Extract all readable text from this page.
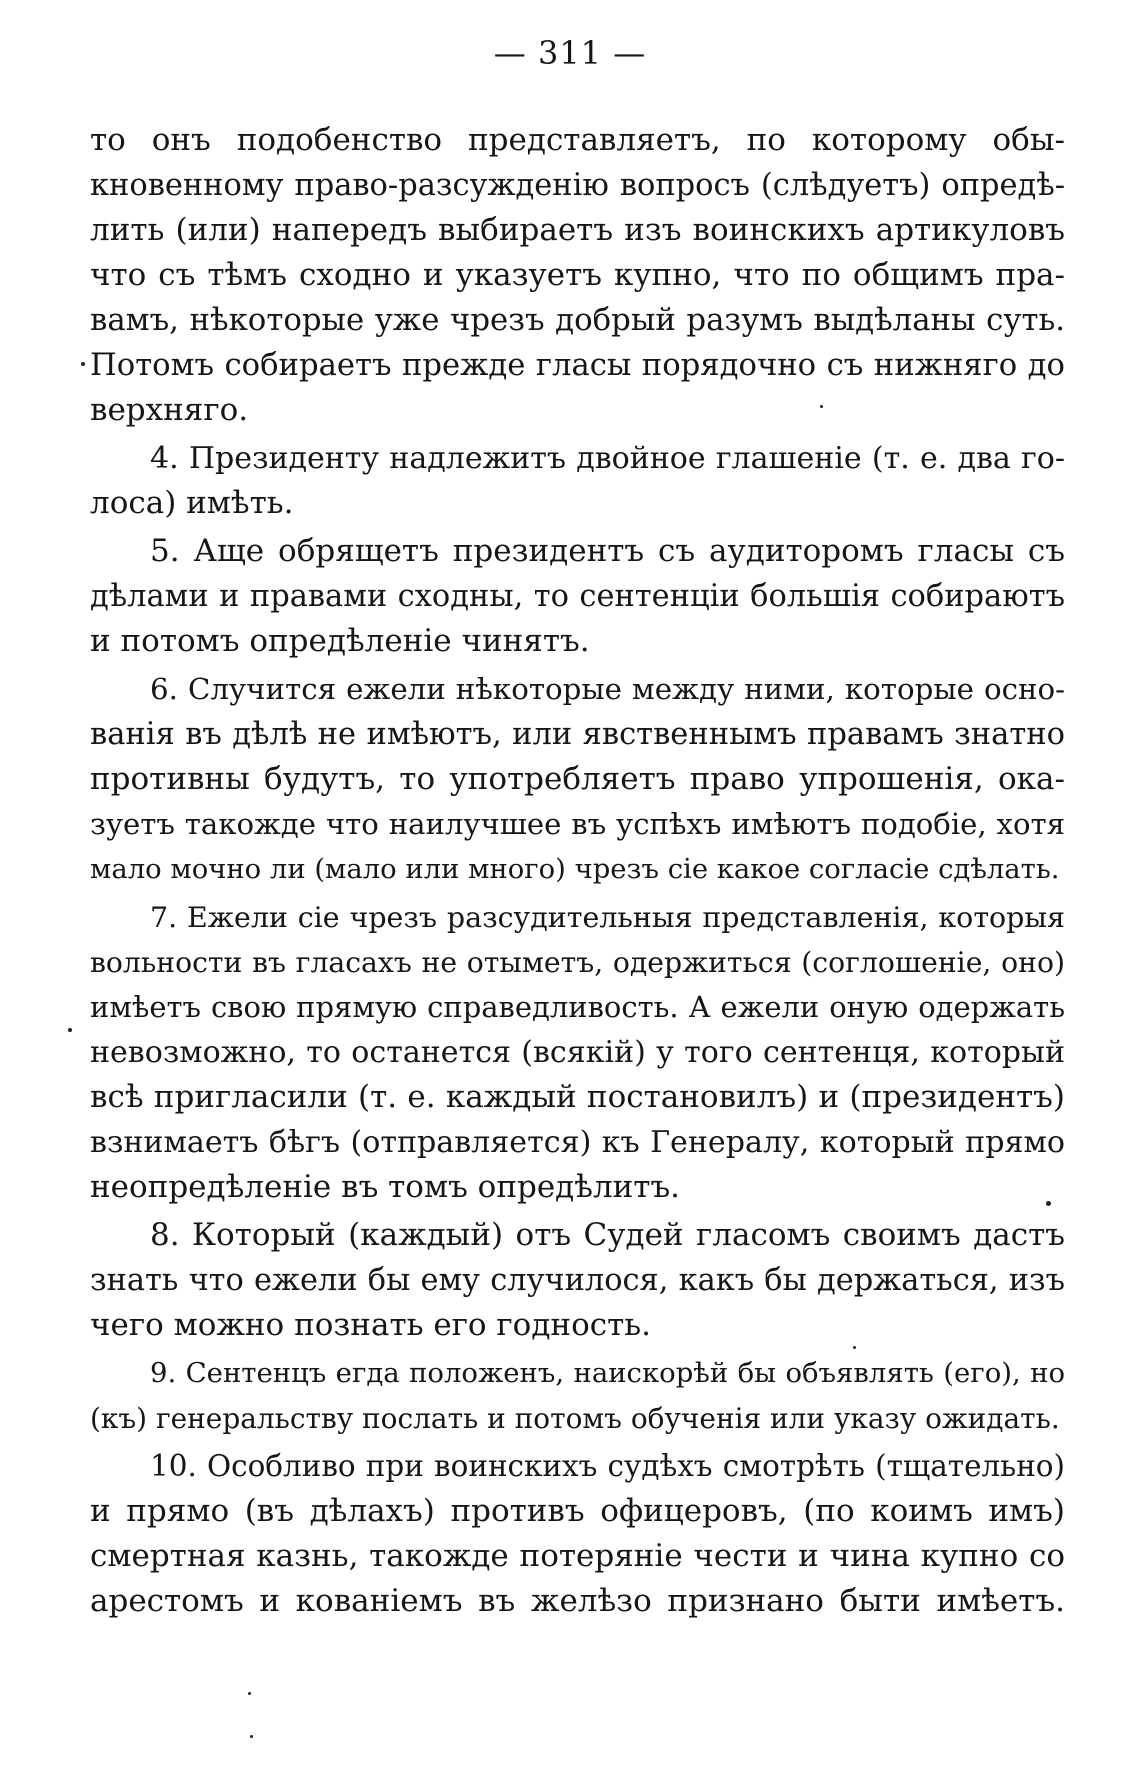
— 311 —
то онъ подобенство представляетъ, по которому обы-
кновенному право-разсужденію вопросъ (слѣдуетъ) опредѣ-
лить (или) напередъ выбираетъ изъ воинскихъ артикуловъ
что съ тѣмъ сходно и указуетъ купно, что по общимъ пра-
вамъ, нѣкоторые уже чрезъ добрый разумъ выдѣланы суть.
Потомъ собираетъ прежде гласы порядочно съ нижняго до
верхняго.
4. Президенту надлежитъ двойное глашеніе (т. е. два го-
лоса) имѣть.
5. Аще обрящетъ президентъ съ аудиторомъ гласы съ
дѣлами и правами сходны, то сентенціи большія собираютъ
и потомъ опредѣленіе чинятъ.
6. Случится ежели нѣкоторые между ними, которые осно-
ванія въ дѣлѣ не имѣютъ, или явственнымъ правамъ знатно
противны будутъ, то употребляетъ право упрошенія, ока-
зуетъ такожде что наилучшее въ успѣхъ имѣютъ подобіе, хотя
мало мочно ли (мало или много) чрезъ сіе какое согласіе сдѣлать.
7. Ежели сіе чрезъ разсудительныя представленія, которыя
вольности въ гласахъ не отыметъ, одержиться (соглошеніе, оно)
имѣетъ свою прямую справедливость. А ежели оную одержать
невозможно, то останется (всякій) у того сентенця, который
всѣ пригласили (т. е. каждый постановилъ) и (президентъ)
взнимаетъ бѣгъ (отправляется) къ Генералу, который прямо
неопредѣленіе въ томъ опредѣлитъ.
8. Который (каждый) отъ Судей гласомъ своимъ дастъ
знать что ежели бы ему случилося, какъ бы держаться, изъ
чего можно познать его годность.
9. Сентенцъ егда положенъ, наискорѣй бы объявлять (его), но
(къ) генеральству послать и потомъ обученія или указу ожидать.
10. Особливо при воинскихъ судѣхъ смотрѣть (тщательно)
и прямо (въ дѣлахъ) противъ офицеровъ, (по коимъ имъ)
смертная казнь, такожде потеряніе чести и чина купно со
арестомъ и кованіемъ въ желѣзо признано быти имѣетъ.
